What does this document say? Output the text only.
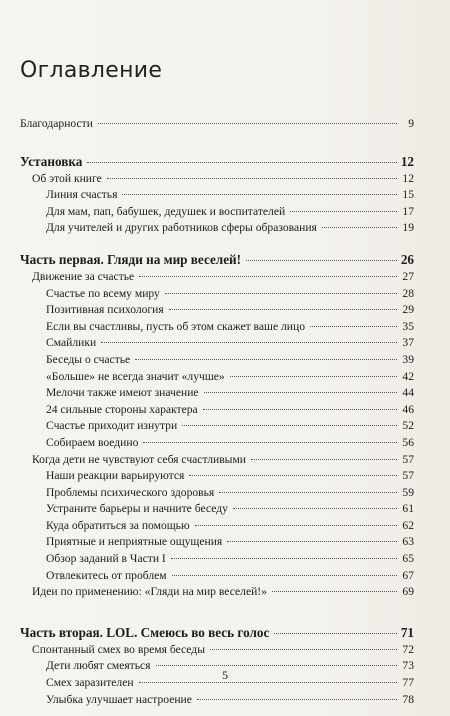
Оглавление
Благодарности	9
Установка	12
Об этой книге	12
Линия счастья	15
Для мам, пап, бабушек, дедушек и воспитателей	17
Для учителей и других работников сферы образования	19
Часть первая. Гляди на мир веселей!	26
Движение за счастье	27
Счастье по всему миру	28
Позитивная психология	29
Если вы счастливы, пусть об этом скажет ваше лицо	35
Смайлики	37
Беседы о счастье	39
«Больше» не всегда значит «лучше»	42
Мелочи также имеют значение	44
24 сильные стороны характера	46
Счастье приходит изнутри	52
Собираем воедино	56
Когда дети не чувствуют себя счастливыми	57
Наши реакции варьируются	57
Проблемы психического здоровья	59
Устраните барьеры и начните беседу	61
Куда обратиться за помощью	62
Приятные и неприятные ощущения	63
Обзор заданий в Части I	65
Отвлекитесь от проблем	67
Идеи по применению: «Гляди на мир веселей!»	69
Часть вторая. LOL. Смеюсь во весь голос	71
Спонтанный смех во время беседы	72
Дети любят смеяться	73
Смех заразителен	77
Улыбка улучшает настроение	78
5
